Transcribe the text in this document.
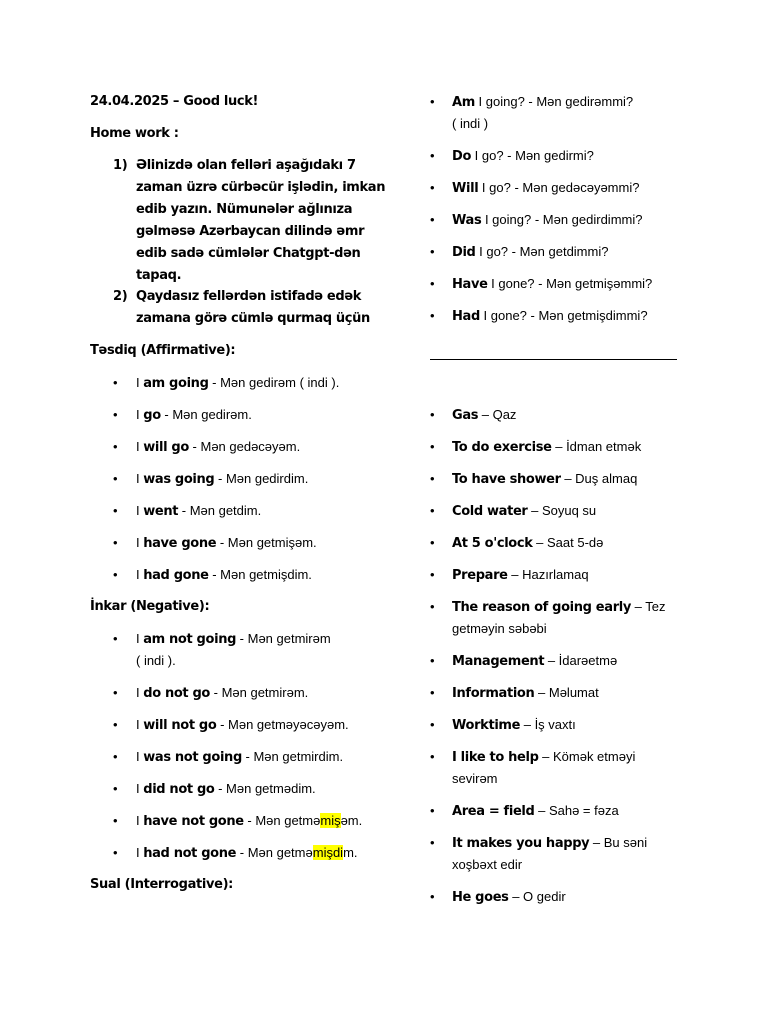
24.04.2025 – Good luck!
Home work :
1) Əlinizdə olan felləri aşağıdakı 7
zaman üzrə cürbəcür işlədin, imkan
edib yazın. Nümunələr ağlınıza
gəlməsə Azərbaycan dilində əmr
edib sadə cümlələr Chatgpt-dən
tapaq.
2) Qaydasız fellərdən istifadə edək
zamana görə cümlə qurmaq üçün
Təsdiq (Affirmative):
• I am going - Mən gedirəm ( indi ).
• I go - Mən gedirəm.
• I will go - Mən gedəcəyəm.
• I was going - Mən gedirdim.
• I went - Mən getdim.
• I have gone - Mən getmişəm.
• I had gone - Mən getmişdim.
İnkar (Negative):
• I am not going - Mən getmirəm
( indi ).
• I do not go - Mən getmirəm.
• I will not go - Mən getməyəcəyəm.
• I was not going - Mən getmirdim.
• I did not go - Mən getmədim.
• I have not gone - Mən getməmişəm.
• I had not gone - Mən getməmişdim.
Sual (Interrogative):
• Am I going? - Mən gedirəmmi?
( indi )
• Do I go? - Mən gedirmi?
• Will I go? - Mən gedəcəyəmmi?
• Was I going? - Mən gedirdimmi?
• Did I go? - Mən getdimmi?
• Have I gone? - Mən getmişəmmi?
• Had I gone? - Mən getmişdimmi?
• Gas – Qaz
• To do exercise – İdman etmək
• To have shower – Duş almaq
• Cold water – Soyuq su
• At 5 o'clock – Saat 5-də
• Prepare – Hazırlamaq
• The reason of going early – Tez
getməyin səbəbi
• Management – İdarəetmə
• Information – Məlumat
• Worktime – İş vaxtı
• I like to help – Kömək etməyi
sevirəm
• Area = field – Sahə = fəza
• It makes you happy – Bu səni
xoşbəxt edir
• He goes – O gedir
